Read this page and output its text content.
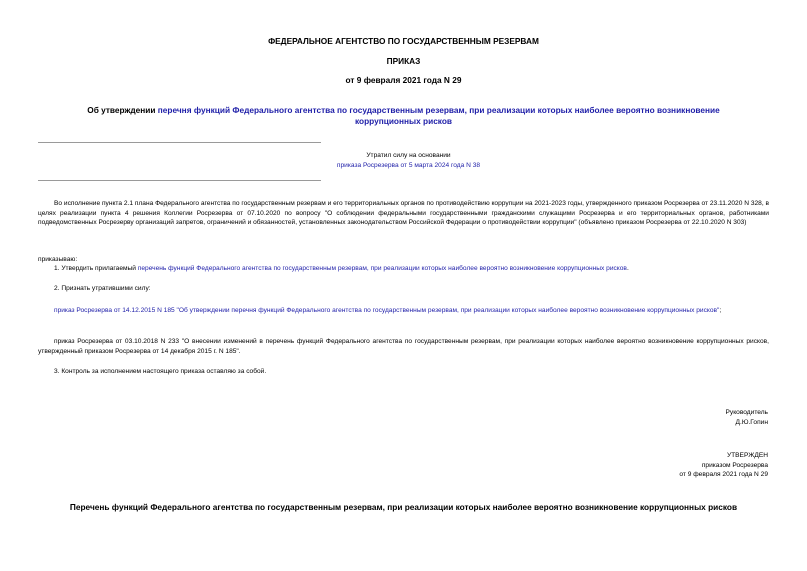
ФЕДЕРАЛЬНОЕ АГЕНТСТВО ПО ГОСУДАРСТВЕННЫМ РЕЗЕРВАМ
ПРИКАЗ
от 9 февраля 2021 года N 29
Об утверждении перечня функций Федерального агентства по государственным резервам, при реализации которых наиболее вероятно возникновение
коррупционных рисков
Утратил силу на основании
приказа Росрезерва от 5 марта 2024 года N 38
Во исполнение пункта 2.1 плана Федерального агентства по государственным резервам и его территориальных органов по противодействию коррупции на 2021-2023 годы, утвержденного приказом Росрезерва от 23.11.2020 N 328, в целях реализации пункта 4 решения Коллегии Росрезерва от 07.10.2020 по вопросу "О соблюдении федеральными государственными гражданскими служащими Росрезерва и его территориальных органов, работниками подведомственных Росрезерву организаций запретов, ограничений и обязанностей, установленных законодательством Российской Федерации о противодействии коррупции" (объявлено приказом Росрезерва от 22.10.2020 N 303)
приказываю:
1. Утвердить прилагаемый перечень функций Федерального агентства по государственным резервам, при реализации которых наиболее вероятно возникновение коррупционных рисков.
2. Признать утратившими силу:
приказ Росрезерва от 14.12.2015 N 185 "Об утверждении перечня функций Федерального агентства по государственным резервам, при реализации которых наиболее вероятно возникновение коррупционных рисков";
приказ Росрезерва от 03.10.2018 N 233 "О внесении изменений в перечень функций Федерального агентства по государственным резервам, при реализации которых наиболее вероятно возникновение коррупционных рисков, утвержденный приказом Росрезерва от 14 декабря 2015 г. N 185".
3. Контроль за исполнением настоящего приказа оставляю за собой.
Руководитель
Д.Ю.Гопин
УТВЕРЖДЕН
приказом Росрезерва
от 9 февраля 2021 года N 29
Перечень функций Федерального агентства по государственным резервам, при реализации которых наиболее вероятно возникновение коррупционных рисков
